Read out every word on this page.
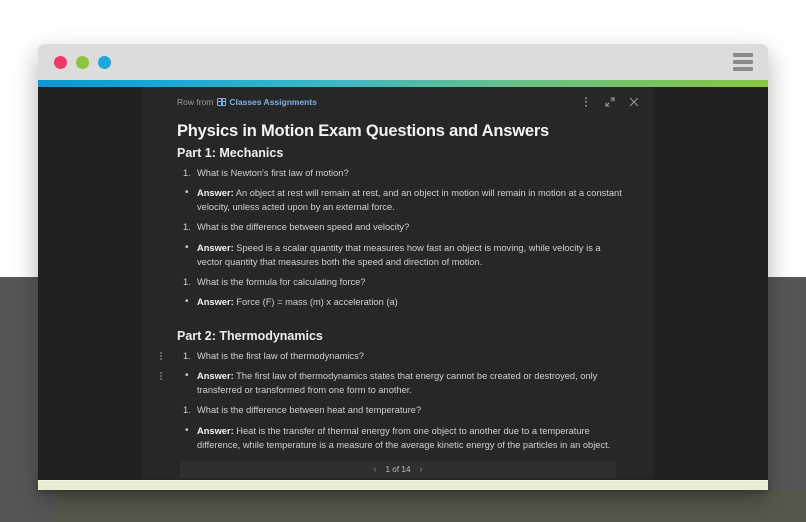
Row from Classes Assignments
Physics in Motion Exam Questions and Answers
Part 1: Mechanics
1. What is Newton's first law of motion?
• Answer: An object at rest will remain at rest, and an object in motion will remain in motion at a constant velocity, unless acted upon by an external force.
1. What is the difference between speed and velocity?
• Answer: Speed is a scalar quantity that measures how fast an object is moving, while velocity is a vector quantity that measures both the speed and direction of motion.
1. What is the formula for calculating force?
• Answer: Force (F) = mass (m) x acceleration (a)
Part 2: Thermodynamics
1. What is the first law of thermodynamics?
• Answer: The first law of thermodynamics states that energy cannot be created or destroyed, only transferred or transformed from one form to another.
1. What is the difference between heat and temperature?
• Answer: Heat is the transfer of thermal energy from one object to another due to a temperature difference, while temperature is a measure of the average kinetic energy of the particles in an object.
‹ 1 of 14 ›
